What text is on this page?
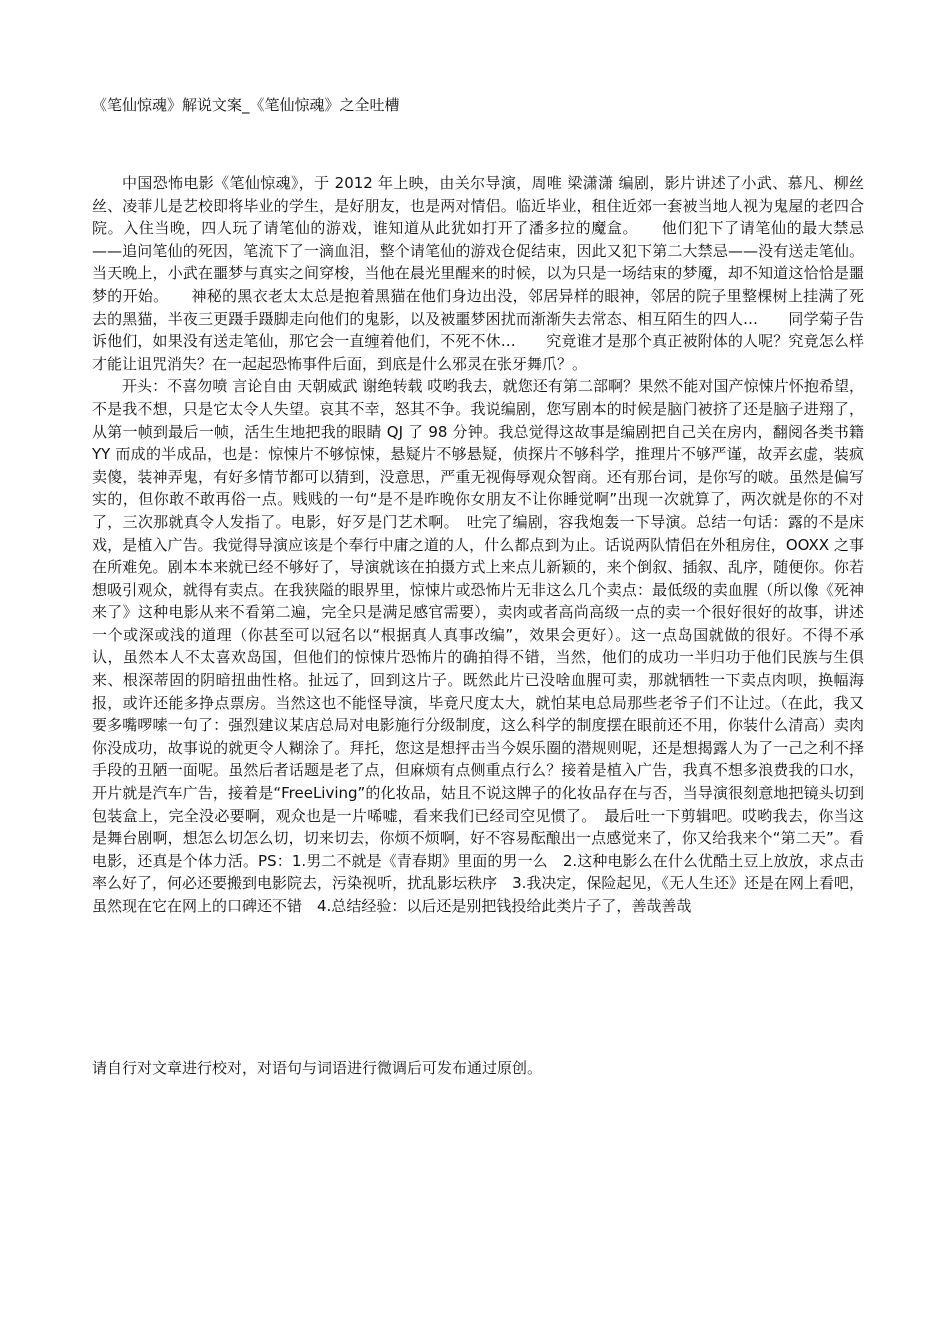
《笔仙惊魂》解说文案_《笔仙惊魂》之全吐槽

中国恐怖电影《笔仙惊魂》，于 2012 年上映，由关尔导演，周唯 梁潇潇 编剧，影片讲述了小武、慕凡、柳丝丝、凌菲儿是艺校即将毕业的学生，是好朋友，也是两对情侣。临近毕业，租住近郊一套被当地人视为鬼屋的老四合院。入住当晚，四人玩了请笔仙的游戏，谁知道从此犹如打开了潘多拉的魔盒。　　他们犯下了请笔仙的最大禁忌——追问笔仙的死因，笔流下了一滴血泪，整个请笔仙的游戏仓促结束，因此又犯下第二大禁忌——没有送走笔仙。当天晚上，小武在噩梦与真实之间穿梭，当他在晨光里醒来的时候，以为只是一场结束的梦魇，却不知道这恰恰是噩梦的开始。　　神秘的黑衣老太太总是抱着黑猫在他们身边出没，邻居异样的眼神，邻居的院子里整棵树上挂满了死去的黑猫，半夜三更蹑手蹑脚走向他们的鬼影，以及被噩梦困扰而渐渐失去常态、相互陌生的四人…　　同学菊子告诉他们，如果没有送走笔仙，那它会一直缠着他们，不死不休…　　究竟谁才是那个真正被附体的人呢？究竟怎么样才能让诅咒消失？在一起起恐怖事件后面，到底是什么邪灵在张牙舞爪？。

开头：不喜勿喷 言论自由 天朝威武 谢绝转载 哎哟我去，就您还有第二部啊？果然不能对国产惊悚片怀抱希望，不是我不想，只是它太令人失望。哀其不幸，怒其不争。我说编剧，您写剧本的时候是脑门被挤了还是脑子进翔了，从第一帧到最后一帧，活生生地把我的眼睛 QJ 了 98 分钟。我总觉得这故事是编剧把自己关在房内，翻阅各类书籍 YY 而成的半成品，也是：惊悚片不够惊悚，悬疑片不够悬疑，侦探片不够科学，推理片不够严谨，故弄玄虚，装疯卖傻，装神弄鬼，有好多情节都可以猜到，没意思，严重无视侮辱观众智商。还有那台词，是你写的啵。虽然是偏写实的，但你敢不敢再俗一点。贱贱的一句“是不是昨晚你女朋友不让你睡觉啊”出现一次就算了，两次就是你的不对了，三次那就真令人发指了。电影，好歹是门艺术啊。　吐完了编剧，容我炮轰一下导演。总结一句话：露的不是床戏，是植入广告。我觉得导演应该是个奉行中庸之道的人，什么都点到为止。话说两队情侣在外租房住，OOXX 之事在所难免。剧本本来就已经不够好了，导演就该在拍摄方式上来点儿新颖的，来个倒叙、插叙、乱序，随便你。你若想吸引观众，就得有卖点。在我狭隘的眼界里，惊悚片或恐怖片无非这么几个卖点：最低级的卖血腥（所以像《死神来了》这种电影从来不看第二遍，完全只是满足感官需要），卖肉或者高尚高级一点的卖一个很好很好的故事，讲述一个或深或浅的道理（你甚至可以冠名以“根据真人真事改编”，效果会更好）。这一点岛国就做的很好。不得不承认，虽然本人不太喜欢岛国，但他们的惊悚片恐怖片的确拍得不错，当然，他们的成功一半归功于他们民族与生俱来、根深蒂固的阴暗扭曲性格。扯远了，回到这片子。既然此片已没啥血腥可卖，那就牺牲一下卖点肉呗，换幅海报，或许还能多挣点票房。当然这也不能怪导演，毕竟尺度太大，就怕某电总局那些老爷子们不让过。（在此，我又要多嘴啰嗦一句了：强烈建议某店总局对电影施行分级制度，这么科学的制度摆在眼前还不用，你装什么清高）卖肉你没成功，故事说的就更令人糊涂了。拜托，您这是想抨击当今娱乐圈的潜规则呢，还是想揭露人为了一己之利不择手段的丑陋一面呢。虽然后者话题是老了点，但麻烦有点侧重点行么？接着是植入广告，我真不想多浪费我的口水，开片就是汽车广告，接着是“FreeLiving”的化妆品，姑且不说这牌子的化妆品存在与否，当导演很刻意地把镜头切到包装盒上，完全没必要啊，观众也是一片唏嘘，看来我们已经司空见惯了。　最后吐一下剪辑吧。哎哟我去，你当这是舞台剧啊，想怎么切怎么切，切来切去，你烦不烦啊，好不容易酝酿出一点感觉来了，你又给我来个“第二天”。看电影，还真是个体力活。PS：1.男二不就是《青春期》里面的男一么　2.这种电影么在什么优酷土豆上放放，求点击率么好了，何必还要搬到电影院去，污染视听，扰乱影坛秩序　3.我决定，保险起见，《无人生还》还是在网上看吧，虽然现在它在网上的口碑还不错　4.总结经验：以后还是别把钱投给此类片子了，善哉善哉

请自行对文章进行校对，对语句与词语进行微调后可发布通过原创。
